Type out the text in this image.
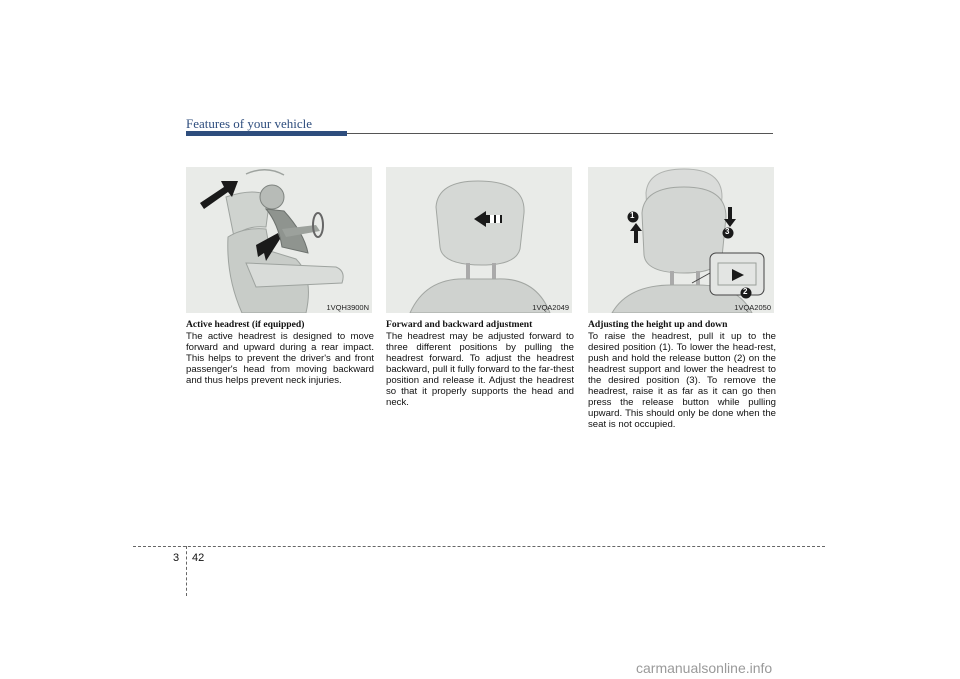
Features of your vehicle
1VQH3900N	1VQA2049
1
3
2
1VQA2050
Active headrest (if equipped)
The active headrest is designed to move forward and upward during a rear impact. This helps to prevent the driver's and front passenger's head from moving backward and thus helps prevent neck injuries.
Forward and backward adjustment
The headrest may be adjusted forward to three different positions by pulling the headrest forward. To adjust the headrest backward, pull it fully forward to the far-thest position and release it. Adjust the headrest so that it properly supports the head and neck.
Adjusting the height up and down
To raise the headrest, pull it up to the desired position (1). To lower the head-rest, push and hold the release button (2) on the headrest support and lower the headrest to the desired position (3). To remove the headrest, raise it as far as it can go then press the release button while pulling upward. This should only be done when the seat is not occupied.
3 42
carmanualsonline.info
